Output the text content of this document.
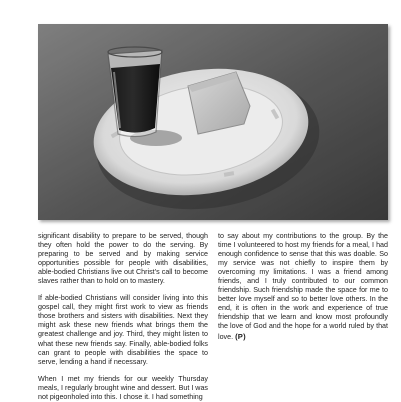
significant disability to prepare to be served, though they often hold the power to do the serving. By preparing to be served and by making service opportunities possible for people with disabilities, able-bodied Christians live out Christ’s call to become slaves rather than to hold on to mastery.

If able-bodied Christians will consider living into this gospel call, they might first work to view as friends those brothers and sisters with disabilities. Next they might ask these new friends what brings them the greatest challenge and joy. Third, they might listen to what these new friends say. Finally, able-bodied folks can grant to people with disabilities the space to serve, lending a hand if necessary.

When I met my friends for our weekly Thursday meals, I regularly brought wine and dessert. But I was not pigeonholed into this. I chose it. I had something

to say about my contributions to the group. By the time I volunteered to host my friends for a meal, I had enough confidence to sense that this was doable. So my service was not chiefly to inspire them by overcoming my limitations. I was a friend among friends, and I truly contributed to our common friendship. Such friendship made the space for me to better love myself and so to better love others. In the end, it is often in the work and experience of true friendship that we learn and know most profoundly the love of God and the hope for a world ruled by that love. (P)
